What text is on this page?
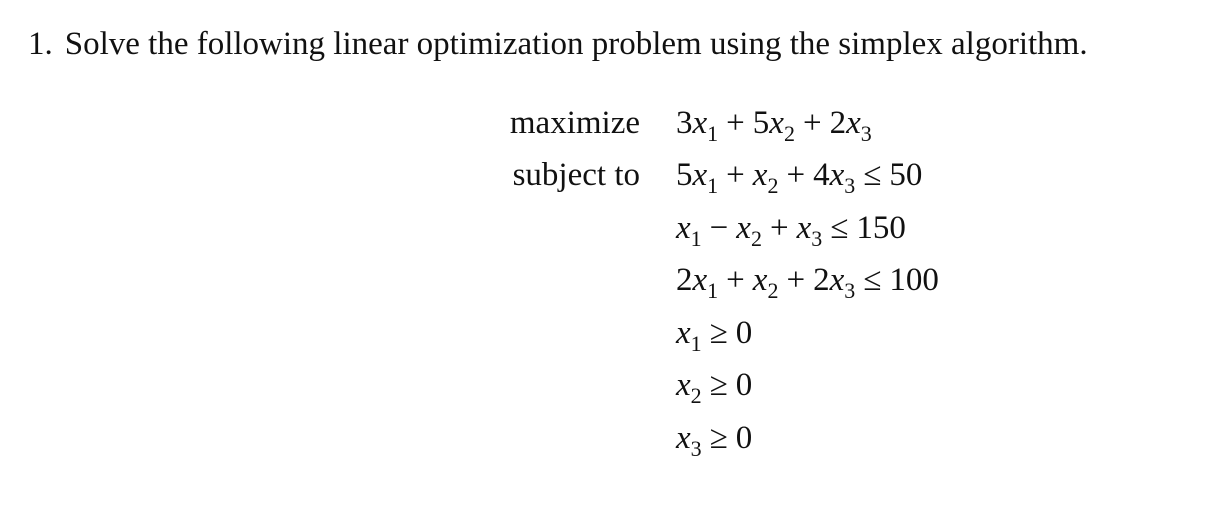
1. Solve the following linear optimization problem using the simplex algorithm.
maximize $3x_1 + 5x_2 + 2x_3$
subject to $5x_1 + x_2 + 4x_3 \le 50$
$x_1 - x_2 + x_3 \le 150$
$2x_1 + x_2 + 2x_3 \le 100$
$x_1 \ge 0$
$x_2 \ge 0$
$x_3 \ge 0$
